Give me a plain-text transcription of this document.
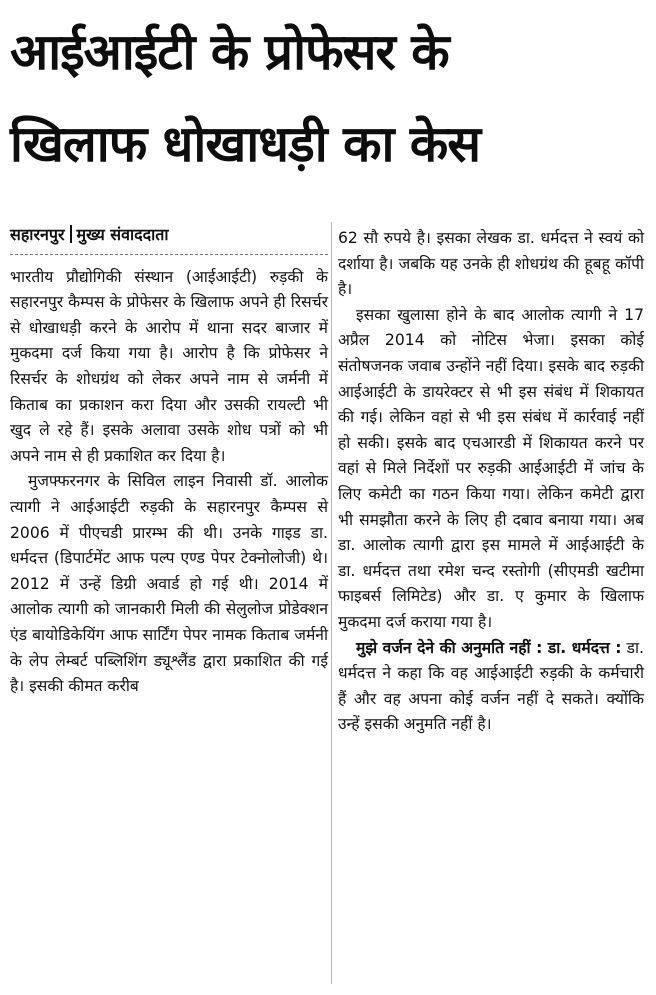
आईआईटी के प्रोफेसर के
खिलाफ धोखाधड़ी का केस
सहारनपुर मुख्य संवाददाता

भारतीय प्रौद्योगिकी संस्थान (आईआईटी) रुड़की के सहारनपुर कैम्पस के प्रोफेसर के खिलाफ अपने ही रिसर्चर से धोखाधड़ी करने के आरोप में थाना सदर बाजार में मुकदमा दर्ज किया गया है। आरोप है कि प्रोफेसर ने रिसर्चर के शोधग्रंथ को लेकर अपने नाम से जर्मनी में किताब का प्रकाशन करा दिया और उसकी रायल्टी भी खुद ले रहे हैं। इसके अलावा उसके शोध पत्रों को भी अपने नाम से ही प्रकाशित कर दिया है।

मुजफ्फरनगर के सिविल लाइन निवासी डॉ. आलोक त्यागी ने आईआईटी रुड़की के सहारनपुर कैम्पस से 2006 में पीएचडी प्रारम्भ की थी। उनके गाइड डा. धर्मदत्त (डिपार्टमेंट आफ पल्प एण्ड पेपर टेक्नोलोजी) थे। 2012 में उन्हें डिग्री अवार्ड हो गई थी। 2014 में आलोक त्यागी को जानकारी मिली की सेलुलोज प्रोडेक्शन एंड बायोडिकेयिंग आफ सार्टिंग पेपर नामक किताब जर्मनी के लेप लेम्बर्ट पब्लिशिंग ड्यूश्लैंड द्वारा प्रकाशित की गई है। इसकी कीमत करीब

62 सौ रुपये है। इसका लेखक डा. धर्मदत्त ने स्वयं को दर्शाया है। जबकि यह उनके ही शोधग्रंथ की हूबहू कॉपी है।

इसका खुलासा होने के बाद आलोक त्यागी ने 17 अप्रैल 2014 को नोटिस भेजा। इसका कोई संतोषजनक जवाब उन्होंने नहीं दिया। इसके बाद रुड़की आईआईटी के डायरेक्टर से भी इस संबंध में शिकायत की गई। लेकिन वहां से भी इस संबंध में कार्रवाई नहीं हो सकी। इसके बाद एचआरडी में शिकायत करने पर वहां से मिले निर्देशों पर रुड़की आईआईटी में जांच के लिए कमेटी का गठन किया गया। लेकिन कमेटी द्वारा भी समझौता करने के लिए ही दबाव बनाया गया। अब डा. आलोक त्यागी द्वारा इस मामले में आईआईटी के डा. धर्मदत्त तथा रमेश चन्द रस्तोगी (सीएमडी खटीमा फाइबर्स लिमिटेड) और डा. ए कुमार के खिलाफ मुकदमा दर्ज कराया गया है।

मुझे वर्जन देने की अनुमति नहीं : डा. धर्मदत्त : डा. धर्मदत्त ने कहा कि वह आईआईटी रुड़की के कर्मचारी हैं और वह अपना कोई वर्जन नहीं दे सकते। क्योंकि उन्हें इसकी अनुमति नहीं है।
